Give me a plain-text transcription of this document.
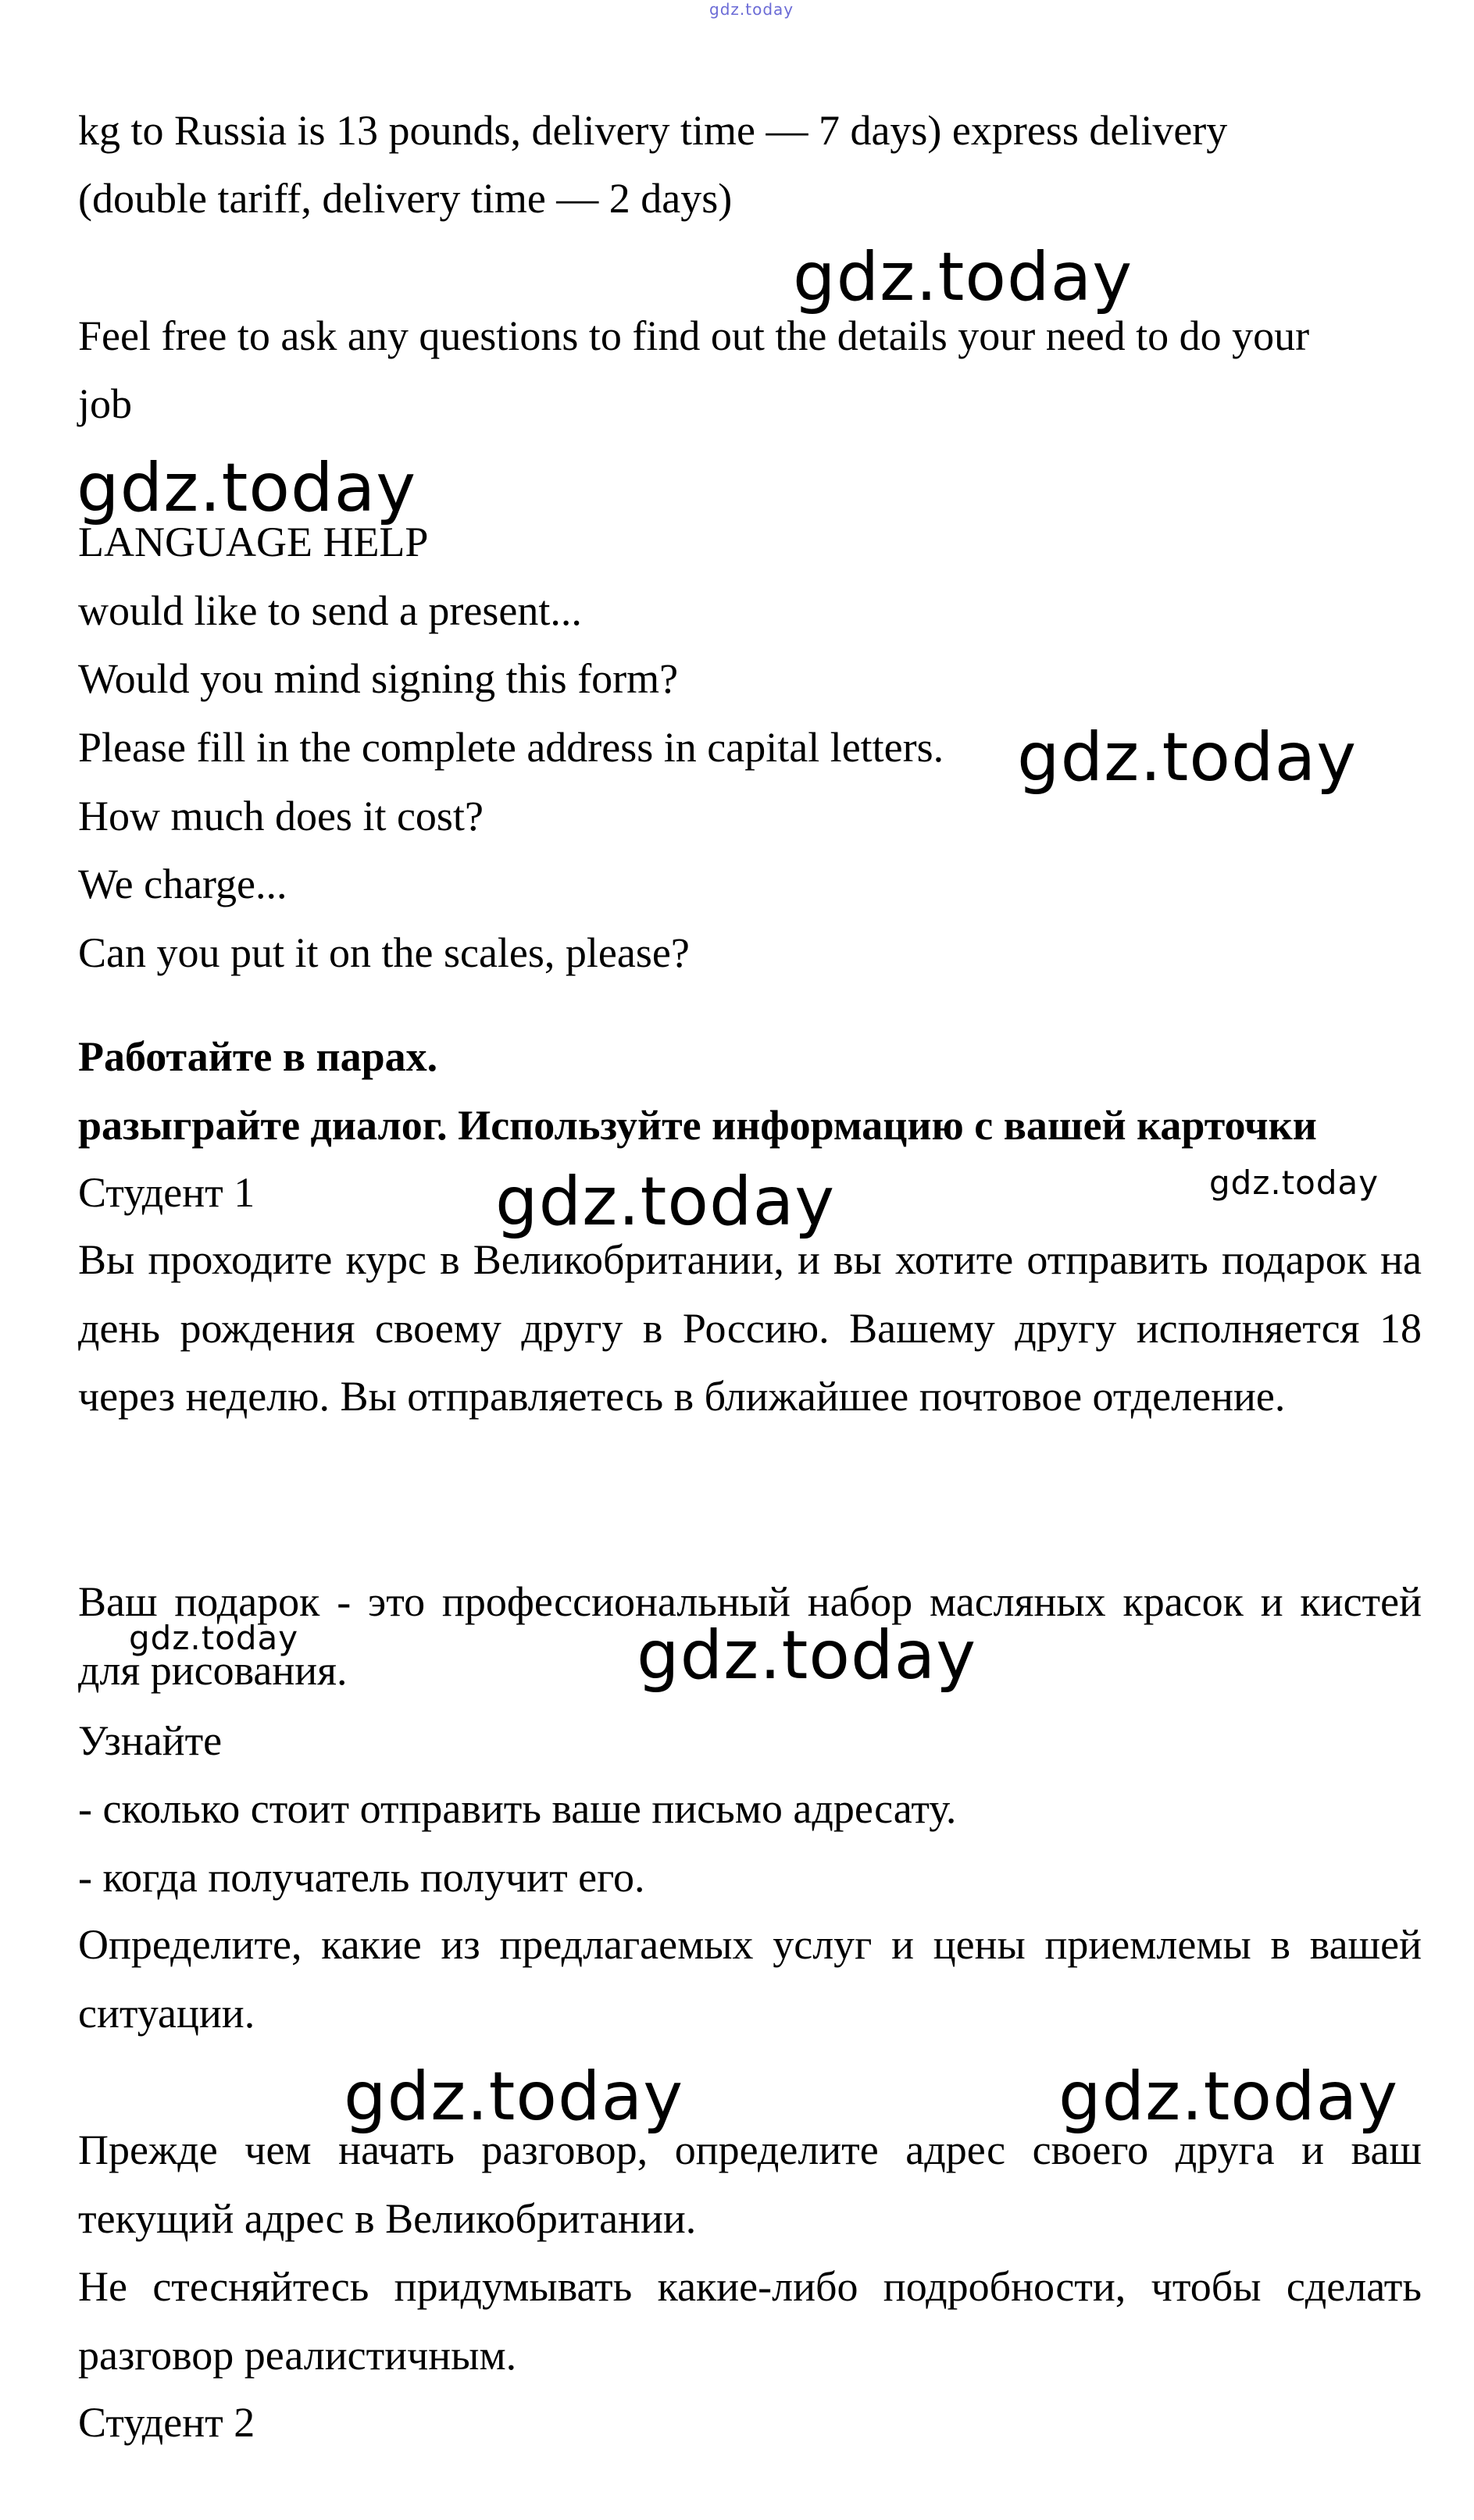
gdz.today
kg to Russia is 13 pounds, delivery time — 7 days) express delivery
(double tariff, delivery time — 2 days)
gdz.today
Feel free to ask any questions to find out the details your need to do your
job
gdz.today
LANGUAGE HELP
would like to send a present...
Would you mind signing this form?
Please fill in the complete address in capital letters. gdz.today
How much does it cost?
We charge...
Can you put it on the scales, please?
Работайте в парах.
разыграйте диалог. Используйте информацию с вашей карточки
Студент 1	gdz.today	gdz.today
Вы проходите курс в Великобритании, и вы хотите отправить подарок на день рождения своему другу в Россию. Вашему другу исполняется 18 через неделю. Вы отправляетесь в ближайшее почтовое отделение.
Ваш подарок - это профессиональный набор масляных красок и кистей для рисования.
gdz.today	gdz.today
Узнайте
- сколько стоит отправить ваше письмо адресату.
- когда получатель получит его.
Определите, какие из предлагаемых услуг и цены приемлемы в вашей ситуации.
gdz.today	gdz.today
Прежде чем начать разговор, определите адрес своего друга и ваш текущий адрес в Великобритании.
Не стесняйтесь придумывать какие-либо подробности, чтобы сделать разговор реалистичным.
Студент 2
